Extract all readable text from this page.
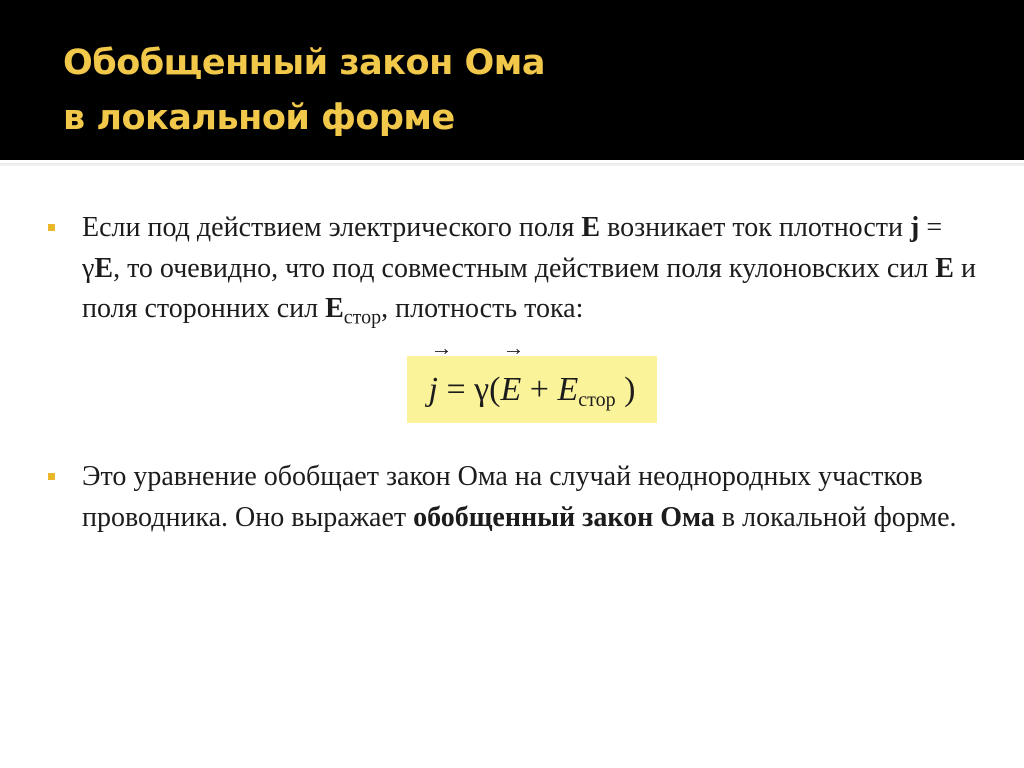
Обобщенный закон Ома
в локальной форме
Если под действием электрического поля E возникает ток плотности j = γE, то очевидно, что под совместным действием поля кулоновских сил E и поля сторонних сил $E_{стор}$, плотность тока:
→
j = γ(
→
E + Eстор )
Это уравнение обобщает закон Ома на случай неоднородных участков проводника. Оно выражает обобщенный закон Ома в локальной форме.
